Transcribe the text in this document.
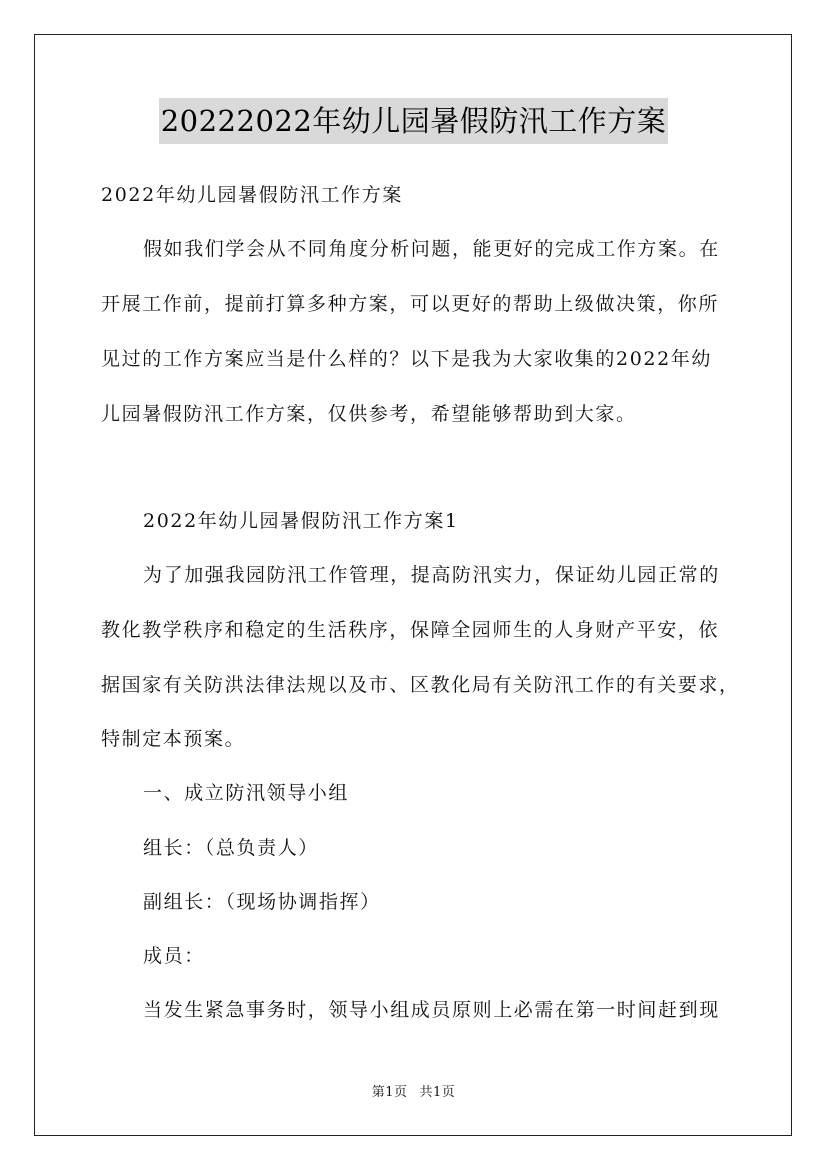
20222022年幼儿园暑假防汛工作方案
2022年幼儿园暑假防汛工作方案
假如我们学会从不同角度分析问题，能更好的完成工作方案。在
开展工作前，提前打算多种方案，可以更好的帮助上级做决策，你所
见过的工作方案应当是什么样的？以下是我为大家收集的2022年幼
儿园暑假防汛工作方案，仅供参考，希望能够帮助到大家。
2022年幼儿园暑假防汛工作方案1
为了加强我园防汛工作管理，提高防汛实力，保证幼儿园正常的
教化教学秩序和稳定的生活秩序，保障全园师生的人身财产平安，依
据国家有关防洪法律法规以及市、区教化局有关防汛工作的有关要求，
特制定本预案。
一、成立防汛领导小组
组长：（总负责人）
副组长：（现场协调指挥）
成员：
当发生紧急事务时，领导小组成员原则上必需在第一时间赶到现
第1页 共1页
